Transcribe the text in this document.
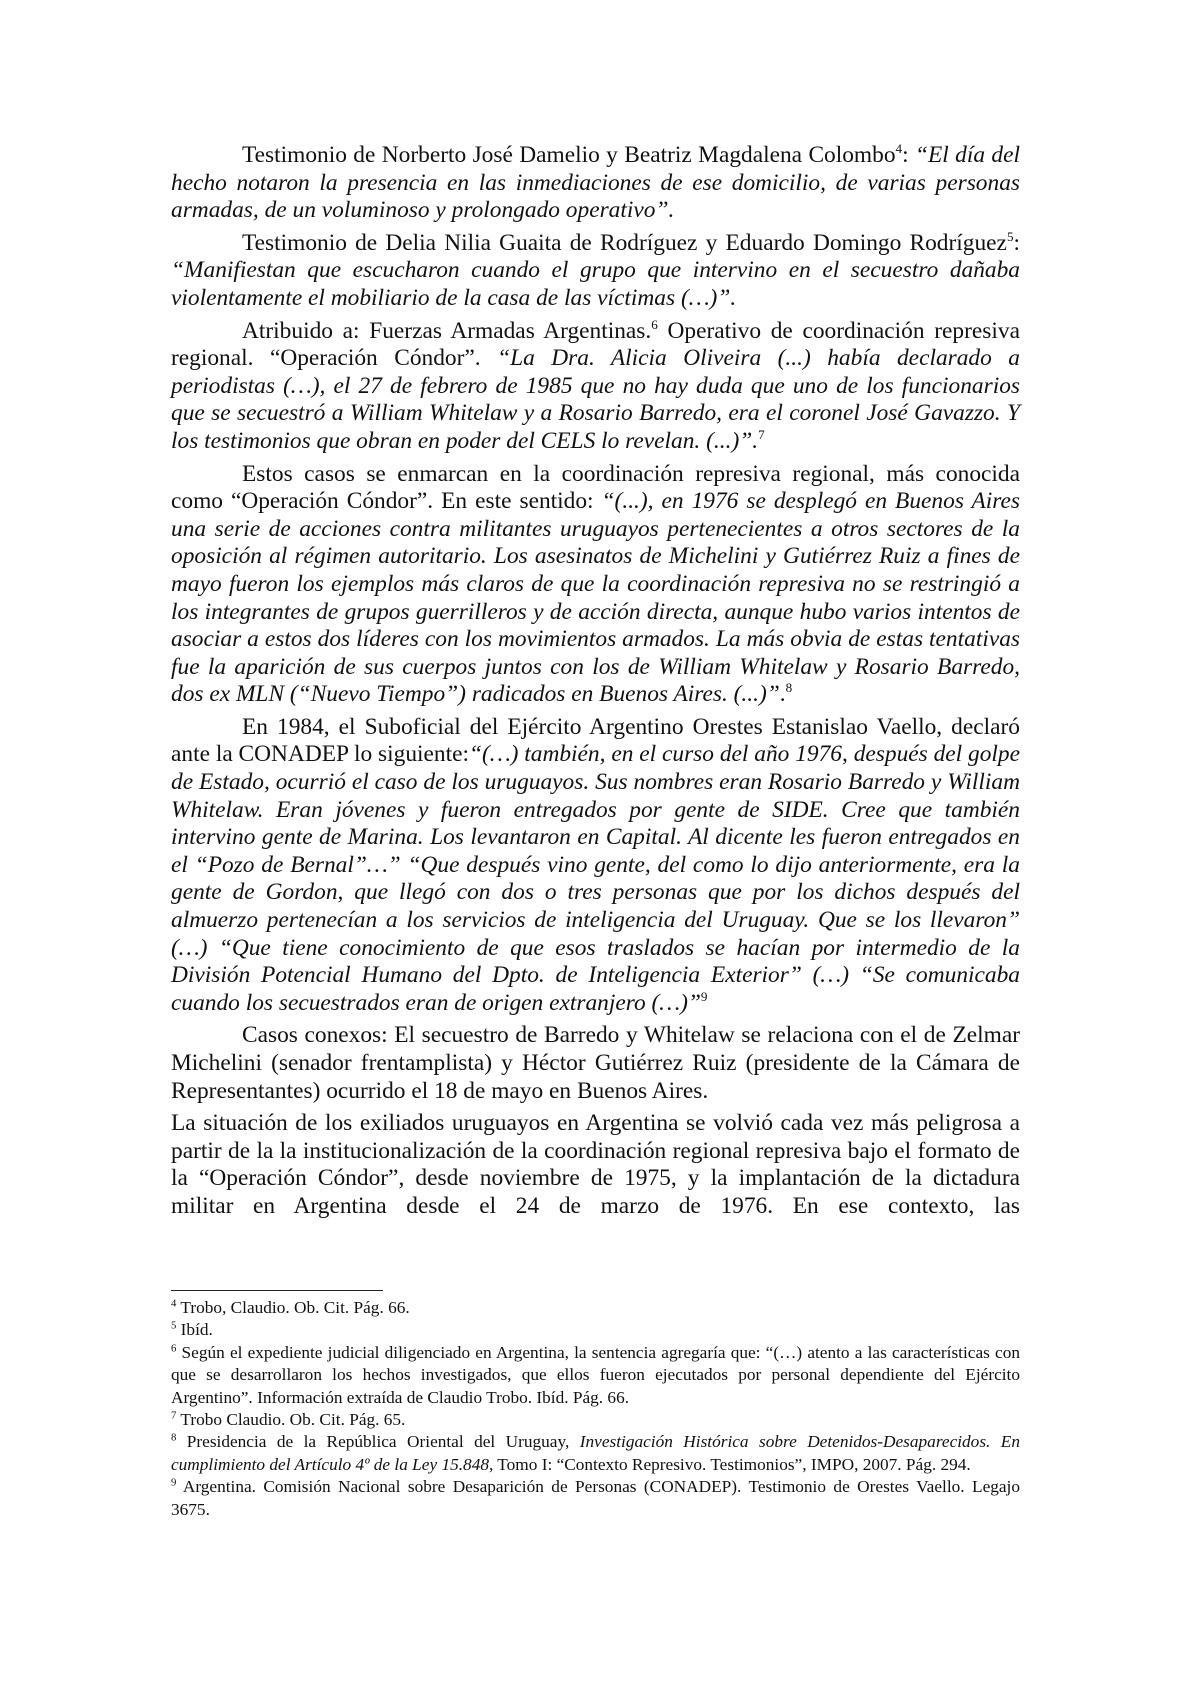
Testimonio de Norberto José Damelio y Beatriz Magdalena Colombo$^4$: “El día del hecho notaron la presencia en las inmediaciones de ese domicilio, de varias personas armadas, de un voluminoso y prolongado operativo”.

Testimonio de Delia Nilia Guaita de Rodríguez y Eduardo Domingo Rodríguez$^5$: “Manifiestan que escucharon cuando el grupo que intervino en el secuestro dañaba violentamente el mobiliario de la casa de las víctimas (…)”.

Atribuido a: Fuerzas Armadas Argentinas.$^6$ Operativo de coordinación represiva regional. “Operación Cóndor”. “La Dra. Alicia Oliveira (...) había declarado a periodistas (…), el 27 de febrero de 1985 que no hay duda que uno de los funcionarios que se secuestró a William Whitelaw y a Rosario Barredo, era el coronel José Gavazzo. Y los testimonios que obran en poder del CELS lo revelan. (...)”.$^7$

Estos casos se enmarcan en la coordinación represiva regional, más conocida como “Operación Cóndor”. En este sentido: “(...), en 1976 se desplegó en Buenos Aires una serie de acciones contra militantes uruguayos pertenecientes a otros sectores de la oposición al régimen autoritario. Los asesinatos de Michelini y Gutiérrez Ruiz a fines de mayo fueron los ejemplos más claros de que la coordinación represiva no se restringió a los integrantes de grupos guerrilleros y de acción directa, aunque hubo varios intentos de asociar a estos dos líderes con los movimientos armados. La más obvia de estas tentativas fue la aparición de sus cuerpos juntos con los de William Whitelaw y Rosario Barredo, dos ex MLN (“Nuevo Tiempo”) radicados en Buenos Aires. (...)”.$^8$

En 1984, el Suboficial del Ejército Argentino Orestes Estanislao Vaello, declaró ante la CONADEP lo siguiente:“(…) también, en el curso del año 1976, después del golpe de Estado, ocurrió el caso de los uruguayos. Sus nombres eran Rosario Barredo y William Whitelaw. Eran jóvenes y fueron entregados por gente de SIDE. Cree que también intervino gente de Marina. Los levantaron en Capital. Al dicente les fueron entregados en el “Pozo de Bernal”…” “Que después vino gente, del como lo dijo anteriormente, era la gente de Gordon, que llegó con dos o tres personas que por los dichos después del almuerzo pertenecían a los servicios de inteligencia del Uruguay. Que se los llevaron” (…) “Que tiene conocimiento de que esos traslados se hacían por intermedio de la División Potencial Humano del Dpto. de Inteligencia Exterior” (…) “Se comunicaba cuando los secuestrados eran de origen extranjero (…)”$^9$

Casos conexos: El secuestro de Barredo y Whitelaw se relaciona con el de Zelmar Michelini (senador frentamplista) y Héctor Gutiérrez Ruiz (presidente de la Cámara de Representantes) ocurrido el 18 de mayo en Buenos Aires.

La situación de los exiliados uruguayos en Argentina se volvió cada vez más peligrosa a partir de la la institucionalización de la coordinación regional represiva bajo el formato de la “Operación Cóndor”, desde noviembre de 1975, y la implantación de la dictadura militar en Argentina desde el 24 de marzo de 1976. En ese contexto, las

$^4$ Trobo, Claudio. Ob. Cit. Pág. 66.

$^5$ Ibíd.

$^6$ Según el expediente judicial diligenciado en Argentina, la sentencia agregaría que: “(…) atento a las características con que se desarrollaron los hechos investigados, que ellos fueron ejecutados por personal dependiente del Ejército Argentino”. Información extraída de Claudio Trobo. Ibíd. Pág. 66.

$^7$ Trobo Claudio. Ob. Cit. Pág. 65.

$^8$ Presidencia de la República Oriental del Uruguay, Investigación Histórica sobre Detenidos-Desaparecidos. En cumplimiento del Artículo 4º de la Ley 15.848, Tomo I: “Contexto Represivo. Testimonios”, IMPO, 2007. Pág. 294.

$^9$ Argentina. Comisión Nacional sobre Desaparición de Personas (CONADEP). Testimonio de Orestes Vaello. Legajo 3675.
